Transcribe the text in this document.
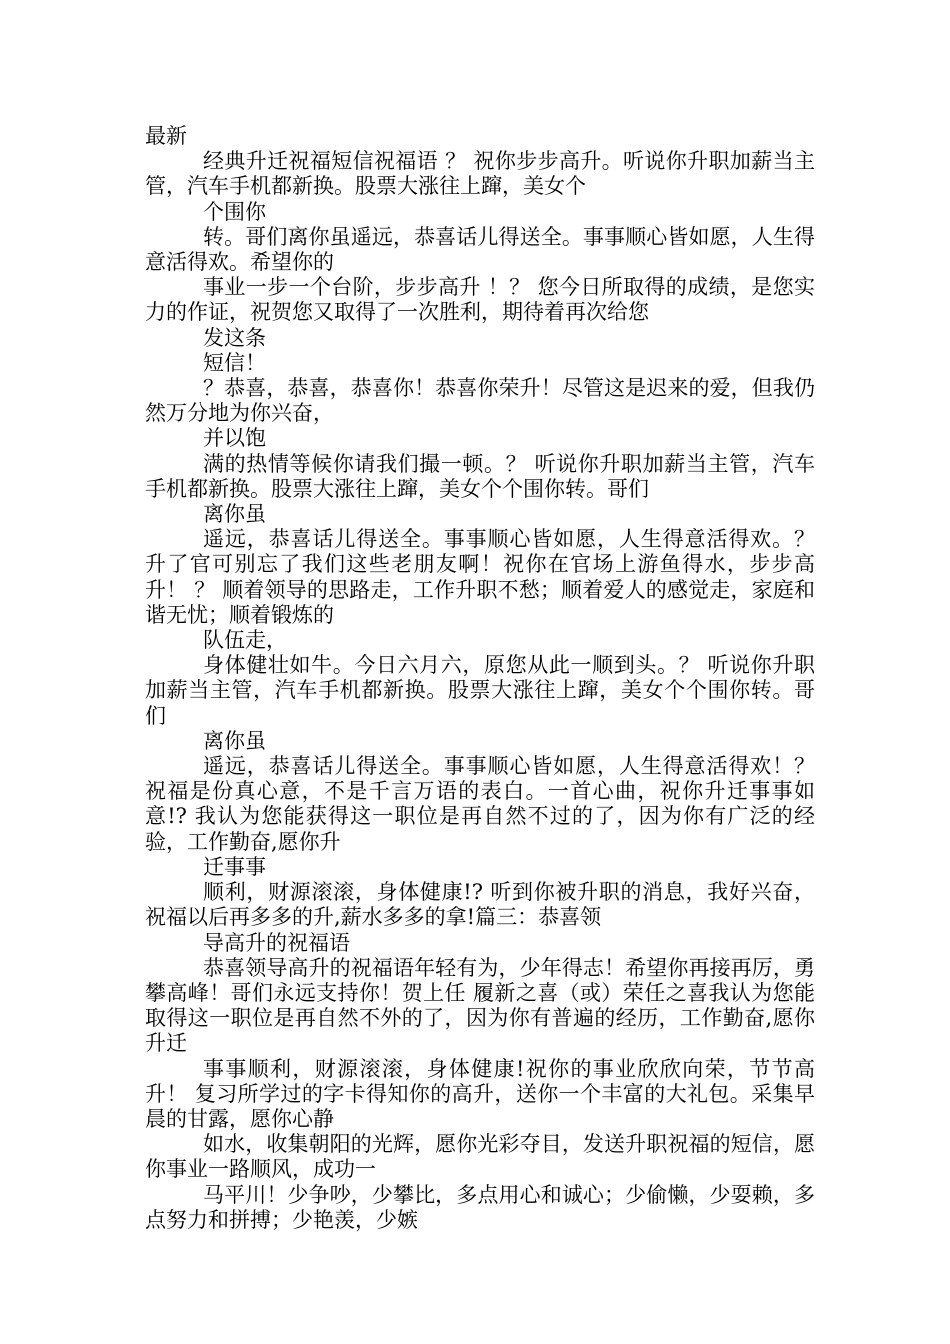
最新

经典升迁祝福短信祝福语 ？ 祝你步步高升。听说你升职加薪当主管，汽车手机都新换。股票大涨往上蹿，美女个

个围你

转。哥们离你虽遥远，恭喜话儿得送全。事事顺心皆如愿，人生得意活得欢。希望你的

事业一步一个台阶，步步高升 ！？ 您今日所取得的成绩，是您实力的作证，祝贺您又取得了一次胜利，期待着再次给您

发这条

短信！

？恭喜，恭喜，恭喜你！恭喜你荣升！尽管这是迟来的爱，但我仍然万分地为你兴奋，

并以饱

满的热情等候你请我们撮一顿。？ 听说你升职加薪当主管，汽车手机都新换。股票大涨往上蹿，美女个个围你转。哥们

离你虽

遥远，恭喜话儿得送全。事事顺心皆如愿，人生得意活得欢。？ 升了官可别忘了我们这些老朋友啊！祝你在官场上游鱼得水，步步高升！ ？ 顺着领导的思路走，工作升职不愁；顺着爱人的感觉走，家庭和谐无忧；顺着锻炼的

队伍走，

身体健壮如牛。今日六月六，原您从此一顺到头。？ 听说你升职加薪当主管，汽车手机都新换。股票大涨往上蹿，美女个个围你转。哥们

离你虽

遥远，恭喜话儿得送全。事事顺心皆如愿，人生得意活得欢！？ 祝福是份真心意，不是千言万语的表白。一首心曲，祝你升迁事事如意!? 我认为您能获得这一职位是再自然不过的了，因为你有广泛的经验，工作勤奋,愿你升

迁事事

顺利，财源滚滚，身体健康!? 听到你被升职的消息，我好兴奋，祝福以后再多多的升,薪水多多的拿!篇三：恭喜领

导高升的祝福语

恭喜领导高升的祝福语年轻有为，少年得志！希望你再接再厉，勇攀高峰！哥们永远支持你！贺上任 履新之喜（或）荣任之喜我认为您能取得这一职位是再自然不外的了，因为你有普遍的经历，工作勤奋,愿你升迁

事事顺利，财源滚滚，身体健康!祝你的事业欣欣向荣，节节高升！ 复习所学过的字卡得知你的高升，送你一个丰富的大礼包。采集早晨的甘露，愿你心静

如水，收集朝阳的光辉，愿你光彩夺目，发送升职祝福的短信，愿你事业一路顺风，成功一

马平川！少争吵，少攀比，多点用心和诚心；少偷懒，少耍赖，多点努力和拼搏；少艳羡，少嫉
